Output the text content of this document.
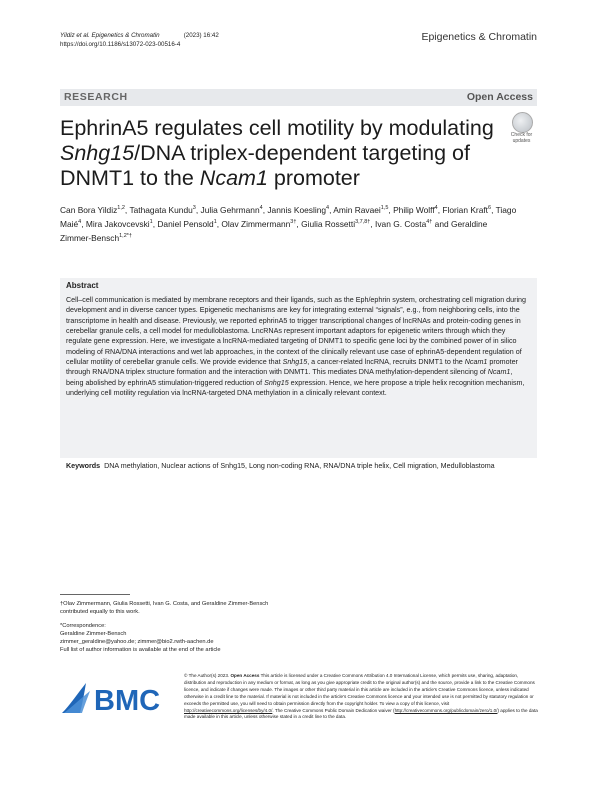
Yildiz et al. Epigenetics & Chromatin	(2023) 16:42
https://doi.org/10.1186/s13072-023-00516-4
Epigenetics & Chromatin
RESEARCH	Open Access
Check for updates
EphrinA5 regulates cell motility by modulating Snhg15/DNA triplex-dependent targeting of DNMT1 to the Ncam1 promoter
Can Bora Yildiz$^{1,2}$, Tathagata Kundu$^3$, Julia Gehrmann$^4$, Jannis Koesling$^4$, Amin Ravaei$^{1,5}$, Philip Wolff$^4$, Florian Kraft$^6$, Tiago Maié$^4$, Mira Jakovcevski$^1$, Daniel Pensold$^1$, Olav Zimmermann$^{3\dagger}$, Giulia Rossetti$^{3,7,8\dagger}$, Ivan G. Costa$^{4\dagger}$ and Geraldine Zimmer-Bensch$^{1,2*\dagger}$
Abstract
Cell–cell communication is mediated by membrane receptors and their ligands, such as the Eph/ephrin system, orchestrating cell migration during development and in diverse cancer types. Epigenetic mechanisms are key for integrating external “signals”, e.g., from neighboring cells, into the transcriptome in health and disease. Previously, we reported ephrinA5 to trigger transcriptional changes of lncRNAs and protein-coding genes in cerebellar granule cells, a cell model for medulloblastoma. LncRNAs represent important adaptors for epigenetic writers through which they regulate gene expression. Here, we investigate a lncRNA-mediated targeting of DNMT1 to specific gene loci by the combined power of in silico modeling of RNA/DNA interactions and wet lab approaches, in the context of the clinically relevant use case of ephrinA5-dependent regulation of cellular motility of cerebellar granule cells. We provide evidence that Snhg15, a cancer-related lncRNA, recruits DNMT1 to the Ncam1 promoter through RNA/DNA triplex structure formation and the interaction with DNMT1. This mediates DNA methylation-dependent silencing of Ncam1, being abolished by ephrinA5 stimulation-triggered reduction of Snhg15 expression. Hence, we here propose a triple helix recognition mechanism, underlying cell motility regulation via lncRNA-targeted DNA methylation in a clinically relevant context.
Keywords DNA methylation, Nuclear actions of Snhg15, Long non-coding RNA, RNA/DNA triple helix, Cell migration, Medulloblastoma
†Olav Zimmermann, Giulia Rossetti, Ivan G. Costa, and Geraldine Zimmer-Bensch contributed equally to this work.
*Correspondence:
Geraldine Zimmer-Bensch
zimmer_geraldine@yahoo.de; zimmer@bio2.rwth-aachen.de
Full list of author information is available at the end of the article
BMC
© The Author(s) 2023. Open Access This article is licensed under a Creative Commons Attribution 4.0 International License, which permits use, sharing, adaptation, distribution and reproduction in any medium or format, as long as you give appropriate credit to the original author(s) and the source, provide a link to the Creative Commons licence, and indicate if changes were made. The images or other third party material in this article are included in the article's Creative Commons licence, unless indicated otherwise in a credit line to the material. If material is not included in the article's Creative Commons licence and your intended use is not permitted by statutory regulation or exceeds the permitted use, you will need to obtain permission directly from the copyright holder. To view a copy of this licence, visit http://creativecommons.org/licenses/by/4.0/. The Creative Commons Public Domain Dedication waiver (http://creativecommons.org/publicdomain/zero/1.0/) applies to the data made available in this article, unless otherwise stated in a credit line to the data.
